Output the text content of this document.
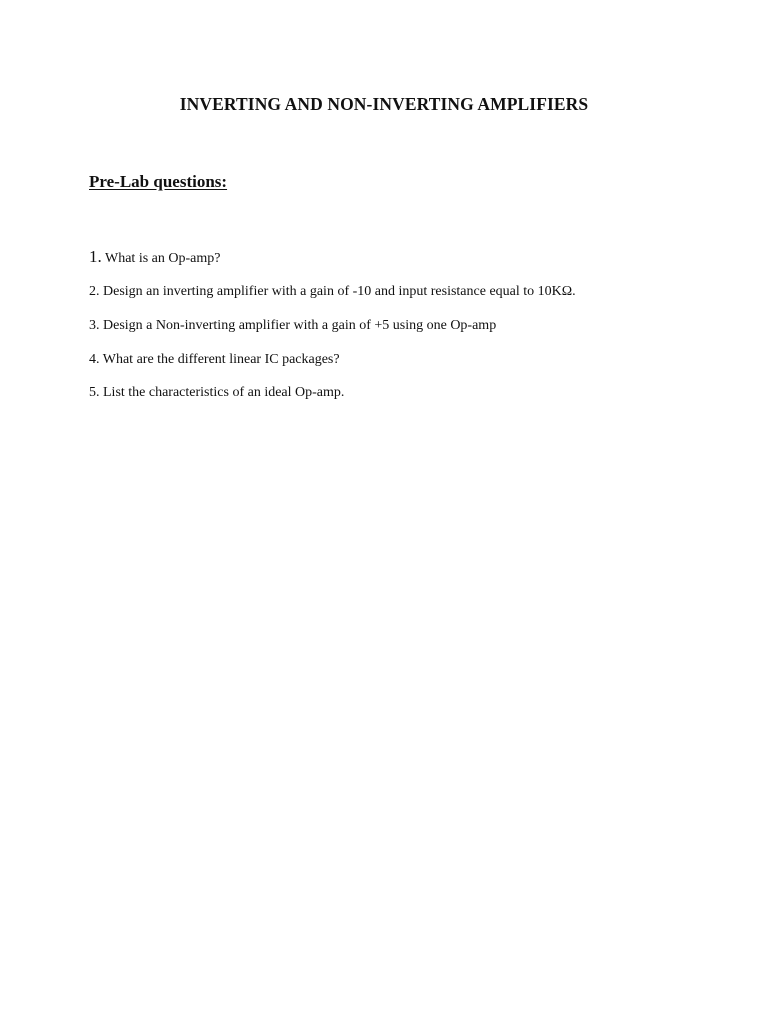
INVERTING AND NON-INVERTING AMPLIFIERS
Pre-Lab questions:
1. What is an Op-amp?
2. Design an inverting amplifier with a gain of -10 and input resistance equal to 10KΩ.
3. Design a Non-inverting amplifier with a gain of +5 using one Op-amp
4. What are the different linear IC packages?
5. List the characteristics of an ideal Op-amp.
